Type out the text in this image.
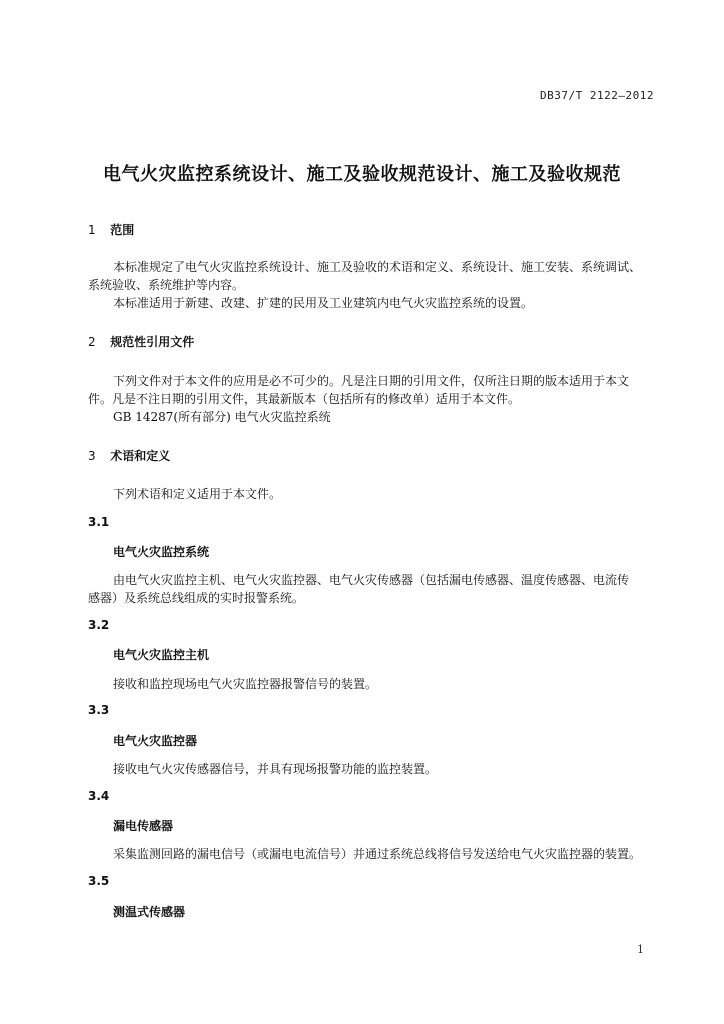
DB37/T 2122—2012
电气火灾监控系统设计、施工及验收规范设计、施工及验收规范
1 范围
本标准规定了电气火灾监控系统设计、施工及验收的术语和定义、系统设计、施工安装、系统调试、
系统验收、系统维护等内容。
本标准适用于新建、改建、扩建的民用及工业建筑内电气火灾监控系统的设置。
2 规范性引用文件
下列文件对于本文件的应用是必不可少的。凡是注日期的引用文件，仅所注日期的版本适用于本文
件。凡是不注日期的引用文件，其最新版本（包括所有的修改单）适用于本文件。
GB 14287(所有部分) 电气火灾监控系统
3 术语和定义
下列术语和定义适用于本文件。
3.1
电气火灾监控系统
由电气火灾监控主机、电气火灾监控器、电气火灾传感器（包括漏电传感器、温度传感器、电流传
感器）及系统总线组成的实时报警系统。
3.2
电气火灾监控主机
接收和监控现场电气火灾监控器报警信号的装置。
3.3
电气火灾监控器
接收电气火灾传感器信号，并具有现场报警功能的监控装置。
3.4
漏电传感器
采集监测回路的漏电信号（或漏电电流信号）并通过系统总线将信号发送给电气火灾监控器的装置。
3.5
测温式传感器
1
